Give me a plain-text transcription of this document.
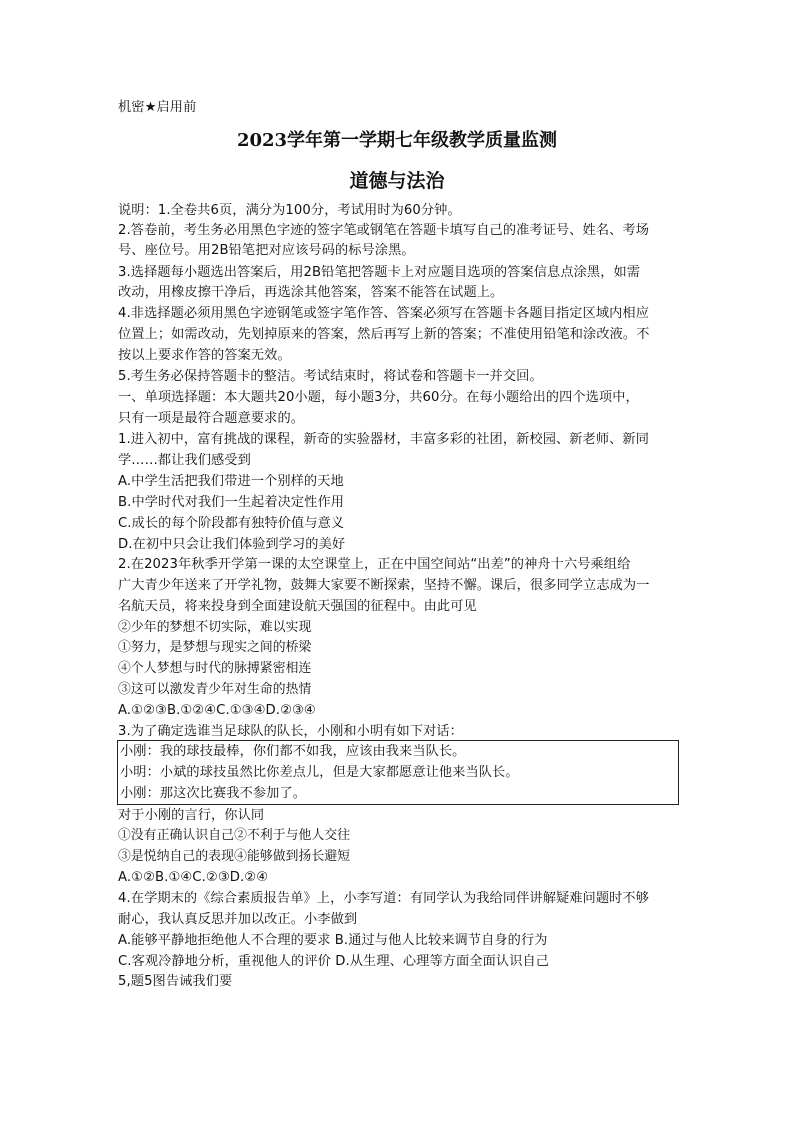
机密★启用前
2023学年第一学期七年级教学质量监测
道德与法治
说明：1.全卷共6页，满分为100分，考试用时为60分钟。
2.答卷前，考生务必用黑色字迹的签字笔或钢笔在答题卡填写自己的准考证号、姓名、考场
号、座位号。用2B铅笔把对应该号码的标号涂黑。
3.选择题每小题选出答案后，用2B铅笔把答题卡上对应题目选项的答案信息点涂黑，如需
改动，用橡皮擦干净后，再选涂其他答案，答案不能答在试题上。
4.非选择题必须用黑色字迹钢笔或签字笔作答、答案必须写在答题卡各题目指定区域内相应
位置上；如需改动，先划掉原来的答案，然后再写上新的答案；不准使用铅笔和涂改液。不
按以上要求作答的答案无效。
5.考生务必保持答题卡的整洁。考试结束时，将试卷和答题卡一并交回。
一、单项选择题：本大题共20小题，每小题3分，共60分。在每小题给出的四个选项中，
只有一项是最符合题意要求的。
1.进入初中，富有挑战的课程，新奇的实验器材，丰富多彩的社团，新校园、新老师、新同
学……都让我们感受到
A.中学生活把我们带进一个别样的天地
B.中学时代对我们一生起着决定性作用
C.成长的每个阶段都有独特价值与意义
D.在初中只会让我们体验到学习的美好
2.在2023年秋季开学第一课的太空课堂上，正在中国空间站“出差”的神舟十六号乘组给
广大青少年送来了开学礼物，鼓舞大家要不断探索，坚持不懈。课后，很多同学立志成为一
名航天员，将来投身到全面建设航天强国的征程中。由此可见
②少年的梦想不切实际，难以实现
①努力，是梦想与现实之间的桥梁
④个人梦想与时代的脉搏紧密相连
③这可以激发青少年对生命的热情
A.①②③B.①②④C.①③④D.②③④
3.为了确定选谁当足球队的队长，小刚和小明有如下对话：
小刚：我的球技最棒，你们都不如我，应该由我来当队长。
小明：小斌的球技虽然比你差点儿，但是大家都愿意让他来当队长。
小刚：那这次比赛我不参加了。
对于小刚的言行，你认同
①没有正确认识自己②不利于与他人交往
③是悦纳自己的表现④能够做到扬长避短
A.①②B.①④C.②③D.②④
4.在学期末的《综合素质报告单》上，小李写道：有同学认为我给同伴讲解疑难问题时不够
耐心，我认真反思并加以改正。小李做到
A.能够平静地拒绝他人不合理的要求 B.通过与他人比较来调节自身的行为
C.客观冷静地分析，重视他人的评价 D.从生理、心理等方面全面认识自己
5,题5图告诫我们要
